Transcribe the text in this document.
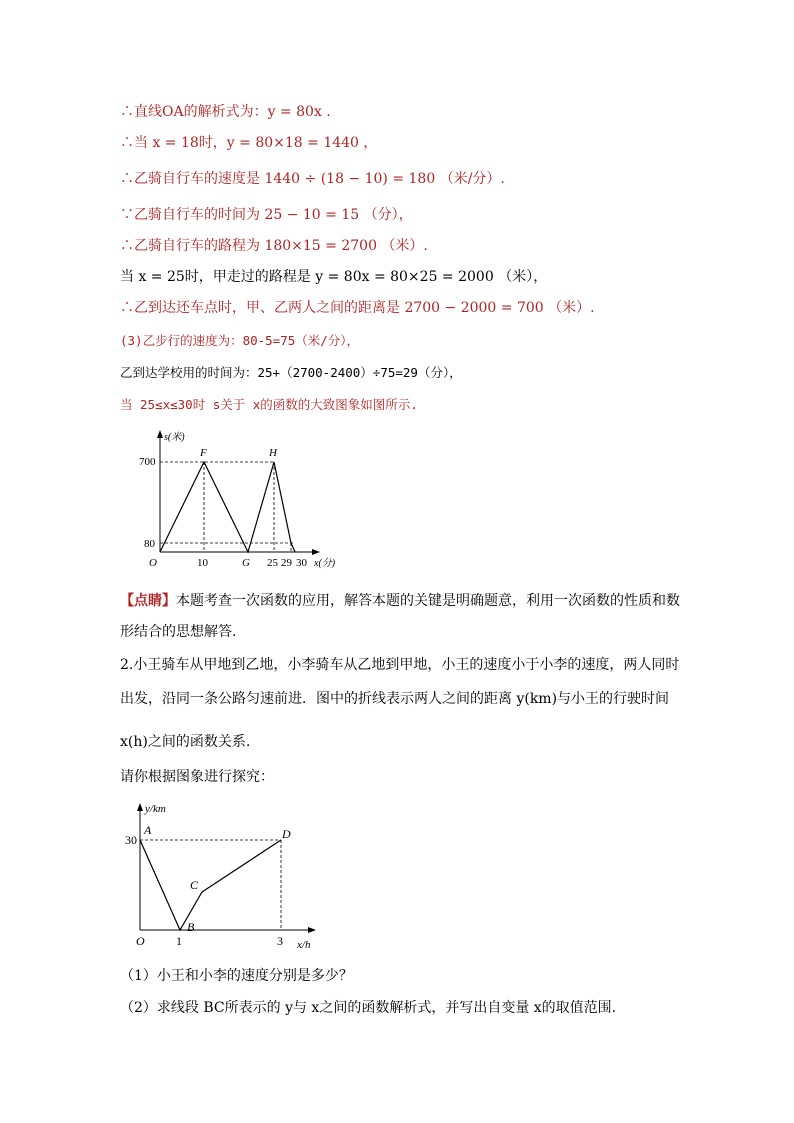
∴直线OA的解析式为：y = 80x .
∴当 x = 18时，y = 80×18 = 1440 ，
∴乙骑自行车的速度是 1440 ÷ (18 − 10) = 180 （米/分）.
∵乙骑自行车的时间为 25 − 10 = 15 （分），
∴乙骑自行车的路程为 180×15 = 2700 （米）.
当 x = 25时，甲走过的路程是 y = 80x = 80×25 = 2000 （米），
∴乙到达还车点时，甲、乙两人之间的距离是 2700 − 2000 = 700 （米）.
(3)乙步行的速度为：80-5=75（米/分），
乙到达学校用的时间为：25+（2700-2400）÷75=29（分），
当 25≤x≤30时 s关于 x的函数的大致图象如图所示.
s(米)
x(分)
700
80
10	25 29 30
O
F
G
H
【点睛】本题考查一次函数的应用，解答本题的关键是明确题意，利用一次函数的性质和数
形结合的思想解答.
2.小王骑车从甲地到乙地，小李骑车从乙地到甲地，小王的速度小于小李的速度，两人同时
出发，沿同一条公路匀速前进．图中的折线表示两人之间的距离 y(km)与小王的行驶时间
x(h)之间的函数关系.
请你根据图象进行探究：
y/km
x/h
30
1	3
O
A
B
C
D
（1）小王和小李的速度分别是多少？
（2）求线段 BC所表示的 y与 x之间的函数解析式，并写出自变量 x的取值范围.
